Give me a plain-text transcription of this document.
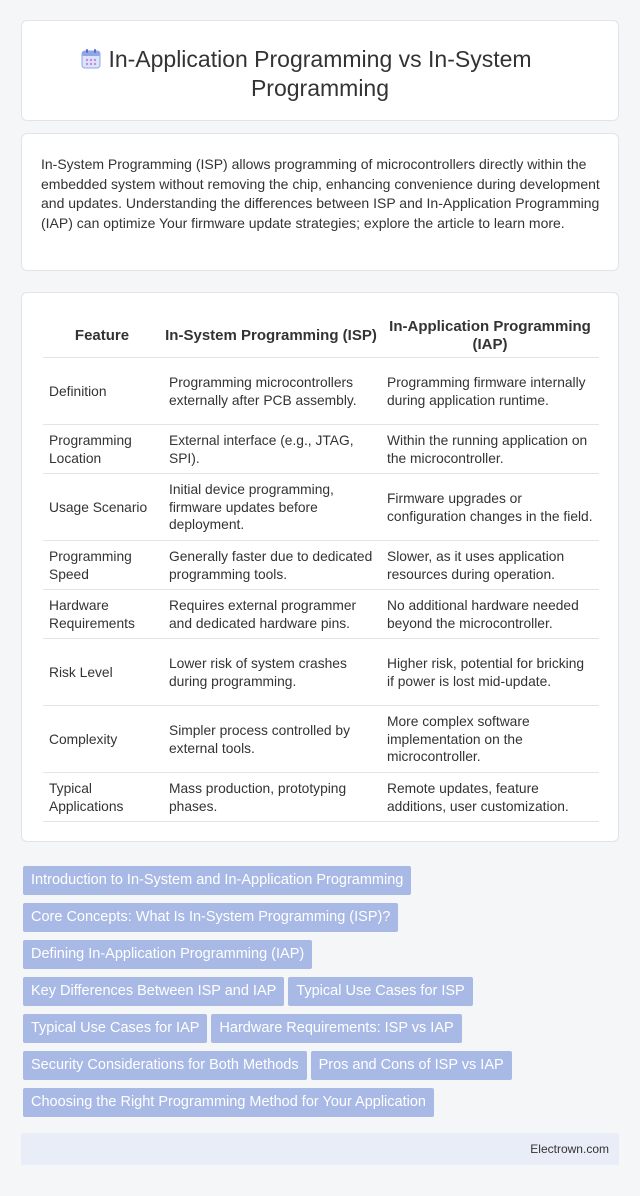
In-Application Programming vs In-System Programming

In-System Programming (ISP) allows programming of microcontrollers directly within the embedded system without removing the chip, enhancing convenience during development and updates. Understanding the differences between ISP and In-Application Programming (IAP) can optimize Your firmware update strategies; explore the article to learn more.

Feature	In-System Programming (ISP)	In-Application Programming (IAP)
Definition	Programming microcontrollers externally after PCB assembly.	Programming firmware internally during application runtime.
Programming Location	External interface (e.g., JTAG, SPI).	Within the running application on the microcontroller.
Usage Scenario	Initial device programming, firmware updates before deployment.	Firmware upgrades or configuration changes in the field.
Programming Speed	Generally faster due to dedicated programming tools.	Slower, as it uses application resources during operation.
Hardware Requirements	Requires external programmer and dedicated hardware pins.	No additional hardware needed beyond the microcontroller.
Risk Level	Lower risk of system crashes during programming.	Higher risk, potential for bricking if power is lost mid-update.
Complexity	Simpler process controlled by external tools.	More complex software implementation on the microcontroller.
Typical Applications	Mass production, prototyping phases.	Remote updates, feature additions, user customization.
Introduction to In-System and In-Application Programming
Core Concepts: What Is In-System Programming (ISP)?
Defining In-Application Programming (IAP)
Key Differences Between ISP and IAP Typical Use Cases for ISP
Typical Use Cases for IAP Hardware Requirements: ISP vs IAP
Security Considerations for Both Methods Pros and Cons of ISP vs IAP
Choosing the Right Programming Method for Your Application
Electrown.com
